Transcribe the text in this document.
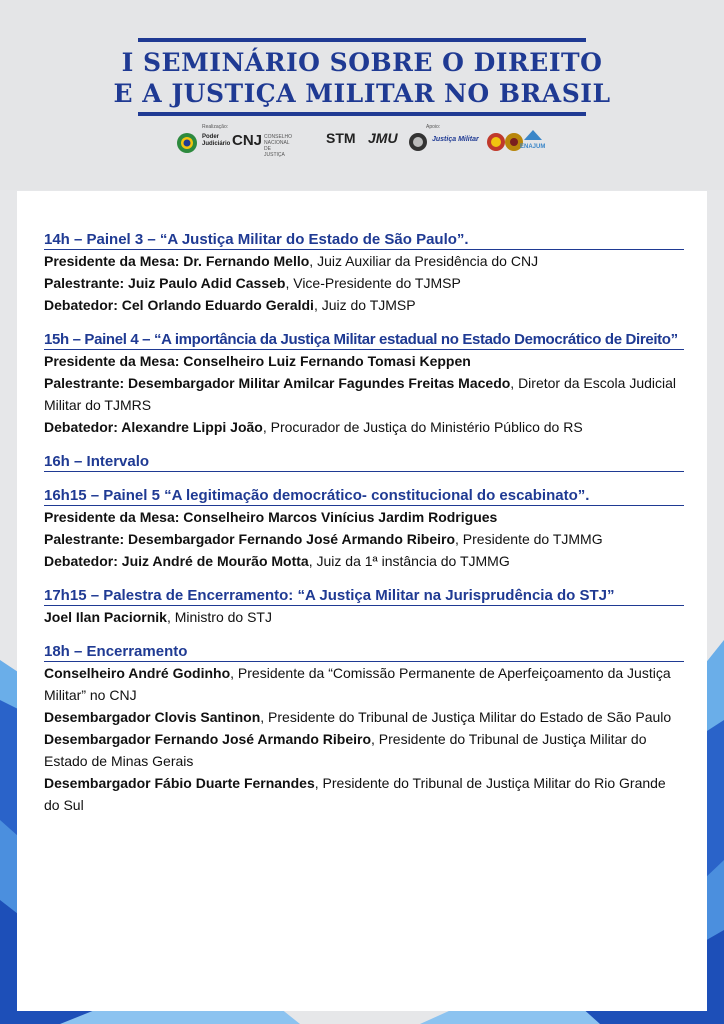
I SEMINÁRIO SOBRE O DIREITO
E A JUSTIÇA MILITAR NO BRASIL
Realização:
Poder Judiciário CNJ CONSELHO NACIONAL DE JUSTIÇA
STM JMU
Apoio:
Justiça Militar
ENAJUM
14h – Painel 3 – “A Justiça Militar do Estado de São Paulo”.
Presidente da Mesa: Dr. Fernando Mello, Juiz Auxiliar da Presidência do CNJ
Palestrante: Juiz Paulo Adid Casseb, Vice-Presidente do TJMSP
Debatedor: Cel Orlando Eduardo Geraldi, Juiz do TJMSP
15h – Painel 4 – “A importância da Justiça Militar estadual no Estado Democrático de Direito”
Presidente da Mesa: Conselheiro Luiz Fernando Tomasi Keppen
Palestrante: Desembargador Militar Amilcar Fagundes Freitas Macedo, Diretor da Escola Judicial Militar do TJMRS
Debatedor: Alexandre Lippi João, Procurador de Justiça do Ministério Público do RS
16h – Intervalo
16h15 – Painel 5 “A legitimação democrático- constitucional do escabinato”.
Presidente da Mesa: Conselheiro Marcos Vinícius Jardim Rodrigues
Palestrante: Desembargador Fernando José Armando Ribeiro, Presidente do TJMMG
Debatedor: Juiz André de Mourão Motta, Juiz da 1ª instância do TJMMG
17h15 – Palestra de Encerramento: “A Justiça Militar na Jurisprudência do STJ”
Joel Ilan Paciornik, Ministro do STJ
18h – Encerramento
Conselheiro André Godinho, Presidente da “Comissão Permanente de Aperfeiçoamento da Justiça Militar” no CNJ
Desembargador Clovis Santinon, Presidente do Tribunal de Justiça Militar do Estado de São Paulo
Desembargador Fernando José Armando Ribeiro, Presidente do Tribunal de Justiça Militar do Estado de Minas Gerais
Desembargador Fábio Duarte Fernandes, Presidente do Tribunal de Justiça Militar do Rio Grande do Sul
